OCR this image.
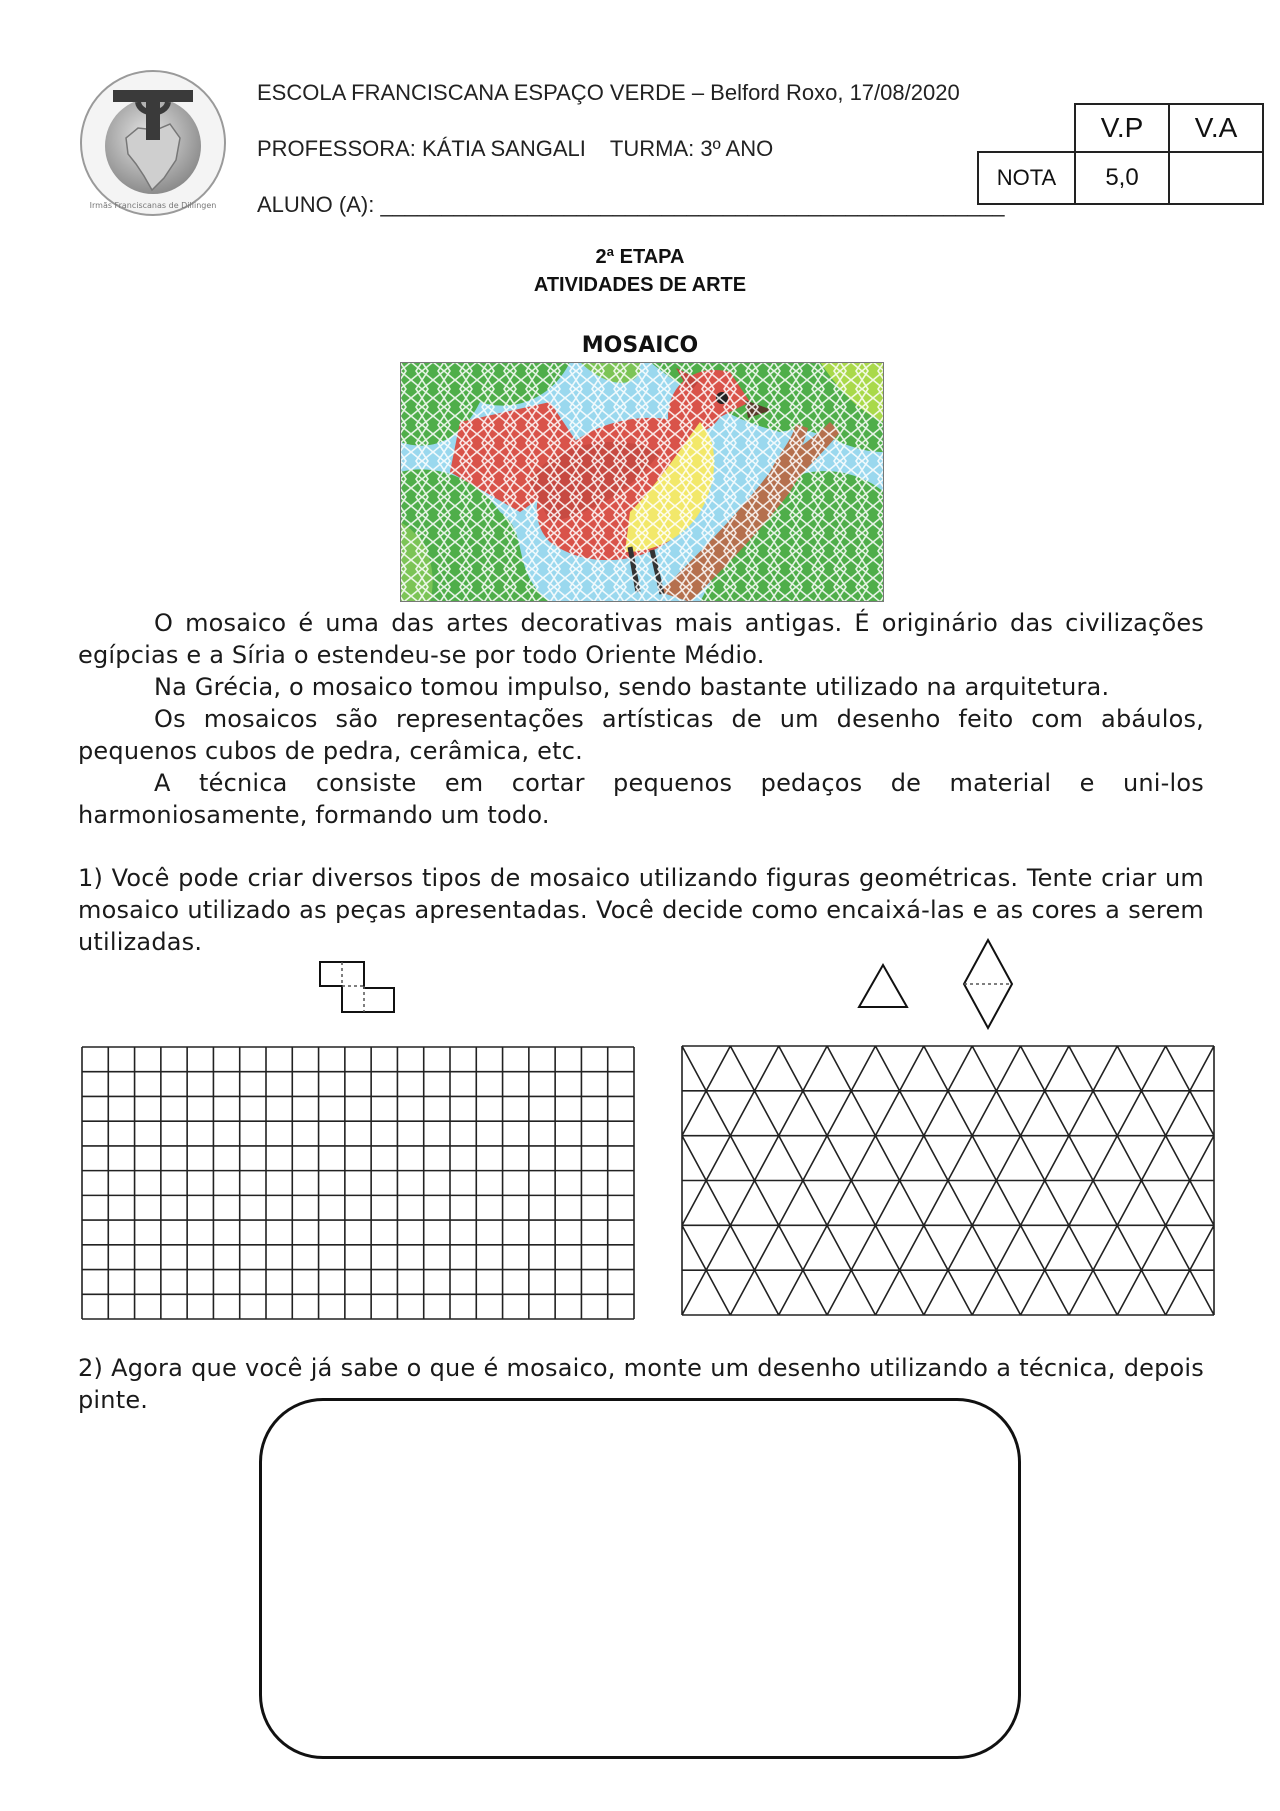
Irmãs Franciscanas de Dillingen
ESCOLA FRANCISCANA ESPAÇO VERDE – Belford Roxo, 17/08/2020
PROFESSORA: KÁTIA SANGALI    TURMA: 3º ANO
ALUNO (A): ___________________________________________________
	V.P	V.A
NOTA	5,0	
2ª ETAPA
ATIVIDADES DE ARTE
MOSAICO
O mosaico é uma das artes decorativas mais antigas. É originário das civilizações egípcias e a Síria o estendeu-se por todo Oriente Médio.
Na Grécia, o mosaico tomou impulso, sendo bastante utilizado na arquitetura.
Os mosaicos são representações artísticas de um desenho feito com abáulos, pequenos cubos de pedra, cerâmica, etc.
A técnica consiste em cortar pequenos pedaços de material e uni-los harmoniosamente, formando um todo.
1) Você pode criar diversos tipos de mosaico utilizando figuras geométricas. Tente criar um mosaico utilizado as peças apresentadas. Você decide como encaixá-las e as cores a serem utilizadas.
2) Agora que você já sabe o que é mosaico, monte um desenho utilizando a técnica, depois pinte.
